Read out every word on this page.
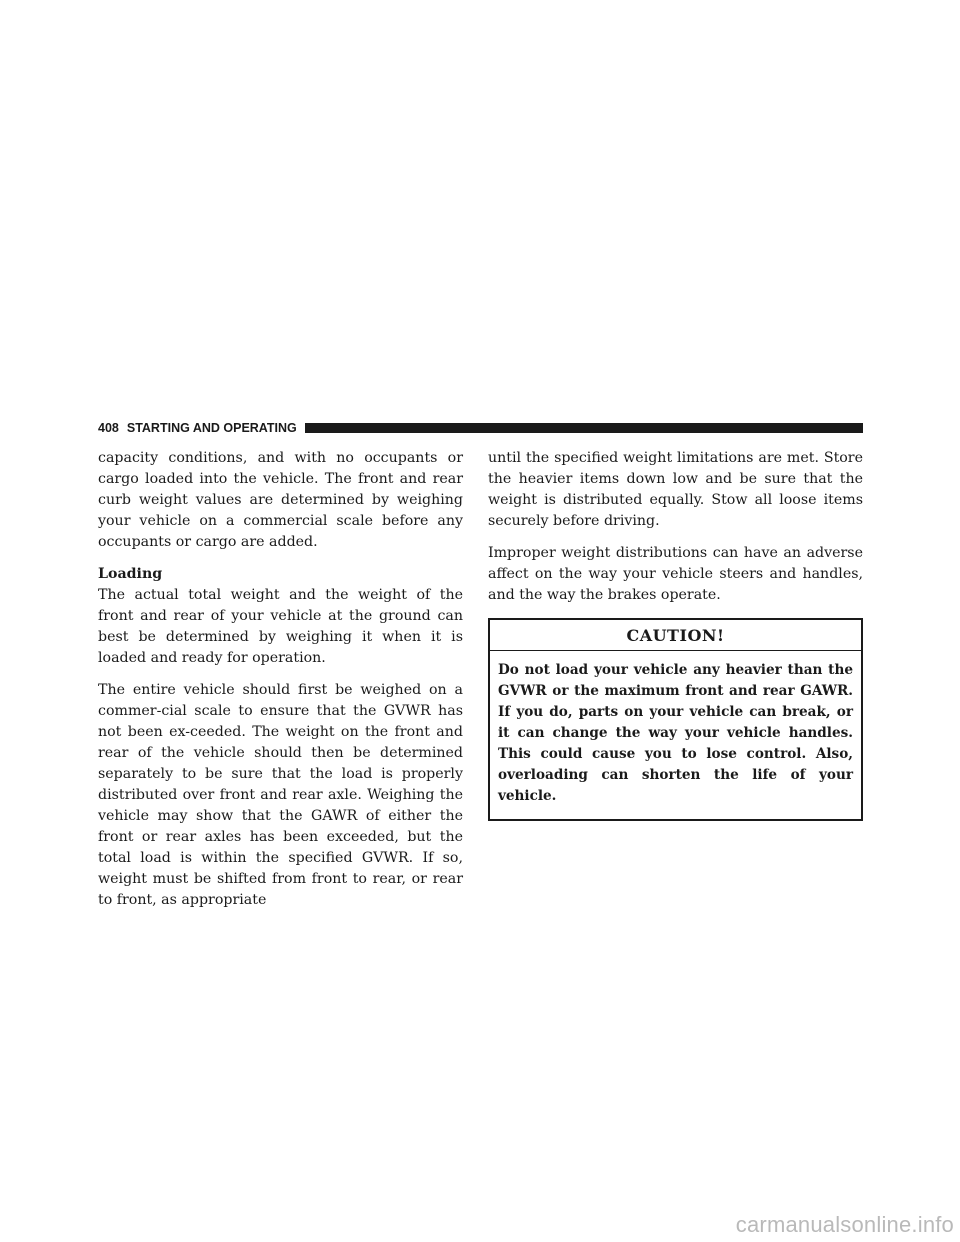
408 STARTING AND OPERATING

capacity conditions, and with no occupants or cargo loaded into the vehicle. The front and rear curb weight values are determined by weighing your vehicle on a commercial scale before any occupants or cargo are added.

Loading

The actual total weight and the weight of the front and rear of your vehicle at the ground can best be determined by weighing it when it is loaded and ready for operation.

The entire vehicle should first be weighed on a commer-cial scale to ensure that the GVWR has not been ex-ceeded. The weight on the front and rear of the vehicle should then be determined separately to be sure that the load is properly distributed over front and rear axle. Weighing the vehicle may show that the GAWR of either the front or rear axles has been exceeded, but the total load is within the specified GVWR. If so, weight must be shifted from front to rear, or rear to front, as appropriate

until the specified weight limitations are met. Store the heavier items down low and be sure that the weight is distributed equally. Stow all loose items securely before driving.

Improper weight distributions can have an adverse affect on the way your vehicle steers and handles, and the way the brakes operate.

CAUTION!
Do not load your vehicle any heavier than the GVWR or the maximum front and rear GAWR. If you do, parts on your vehicle can break, or it can change the way your vehicle handles. This could cause you to lose control. Also, overloading can shorten the life of your vehicle.
carmanualsonline.info
